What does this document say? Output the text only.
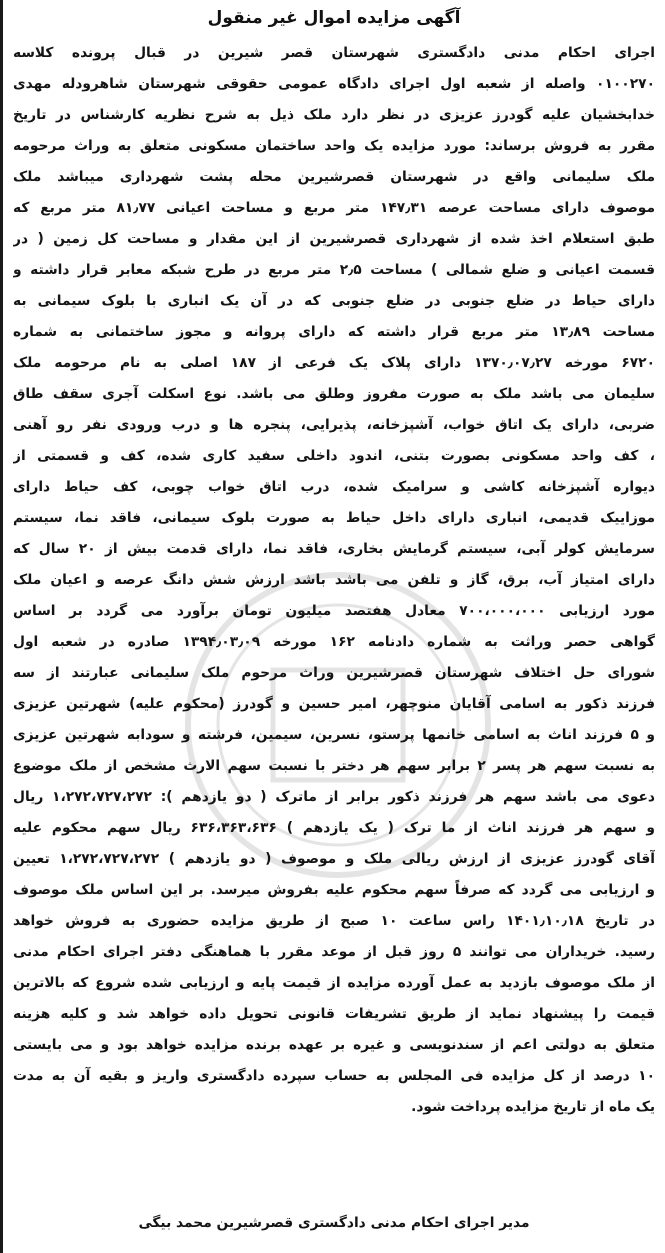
آگهی مزایده اموال غیر منقول
اجرای احکام مدنی دادگستری شهرستان قصر شیرین در قبال پرونده کلاسه
۰۱۰۰۲۷۰ واصله از شعبه اول اجرای دادگاه عمومی حقوقی شهرستان شاهرودله مهدی
خدابخشیان علیه گودرز عزیزی در نظر دارد ملک ذیل به شرح نظریه کارشناس در تاریخ
مقرر به فروش برساند: مورد مزایده یک واحد ساختمان مسکونی متعلق به وراث مرحومه
ملک سلیمانی واقع در شهرستان قصرشیرین محله پشت شهرداری میباشد ملک
موصوف دارای مساحت عرصه ۱۴۷٫۳۱ متر مربع و مساحت اعیانی ۸۱٫۷۷ متر مربع که
طبق استعلام اخذ شده از شهرداری قصرشیرین از این مقدار و مساحت کل زمین ( در
قسمت اعیانی و ضلع شمالی ) مساحت ۲٫۵ متر مربع در طرح شبکه معابر قرار داشته و
دارای حیاط در ضلع جنوبی در ضلع جنوبی که در آن یک انباری با بلوک سیمانی به
مساحت ۱۳٫۸۹ متر مربع قرار داشته که دارای پروانه و مجوز ساختمانی به شماره
۶۷۲۰ مورخه ۱۳۷۰٫۰۷٫۲۷ دارای پلاک یک فرعی از ۱۸۷ اصلی به نام مرحومه ملک
سلیمان می باشد ملک به صورت مفروز وطلق می باشد. نوع اسکلت آجری سقف طاق
ضربی، دارای یک اتاق خواب، آشپزخانه، پذیرایی، پنجره ها و درب ورودی نفر رو آهنی
، کف واحد مسکونی بصورت بتنی، اندود داخلی سفید کاری شده، کف و قسمتی از
دیواره آشپزخانه کاشی و سرامیک شده، درب اتاق خواب چوبی، کف حیاط دارای
موزاییک قدیمی، انباری دارای داخل حیاط به صورت بلوک سیمانی، فاقد نما، سیستم
سرمایش کولر آبی، سیستم گرمایش بخاری، فاقد نما، دارای قدمت بیش از ۲۰ سال که
دارای امتیاز آب، برق، گاز و تلفن می باشد باشد ارزش شش دانگ عرصه و اعیان ملک
مورد ارزیابی ۷۰۰،۰۰۰،۰۰۰ معادل هفتصد میلیون تومان برآورد می گردد بر اساس
گواهی حصر وراثت به شماره دادنامه ۱۶۲ مورخه ۱۳۹۴٫۰۳٫۰۹ صادره در شعبه اول
شورای حل اختلاف شهرستان قصرشیرین وراث مرحوم ملک سلیمانی عبارتند از سه
فرزند ذکور به اسامی آقایان منوچهر، امیر حسین و گودرز (محکوم علیه) شهرتین عزیزی
و ۵ فرزند اناث به اسامی خانمها پرستو، نسرین، سیمین، فرشته و سودابه شهرتین عزیزی
به نسبت سهم هر پسر ۲ برابر سهم هر دختر با نسبت سهم الارث مشخص از ملک موضوع
دعوی می باشد سهم هر فرزند ذکور برابر از ماترک ( دو یازدهم ): ۱،۲۷۲،۷۲۷،۲۷۲ ریال
و سهم هر فرزند اناث از ما ترک ( یک یازدهم ) ۶۳۶،۳۶۳،۶۳۶ ریال سهم محکوم علیه
آقای گودرز عزیزی از ارزش ریالی ملک و موصوف ( دو یازدهم ) ۱،۲۷۲،۷۲۷،۲۷۲ تعیین
و ارزیابی می گردد که صرفاً سهم محکوم علیه بفروش میرسد. بر این اساس ملک موصوف
در تاریخ ۱۴۰۱٫۱۰٫۱۸ راس ساعت ۱۰ صبح از طریق مزایده حضوری به فروش خواهد
رسید. خریداران می توانند ۵ روز قبل از موعد مقرر با هماهنگی دفتر اجرای احکام مدنی
از ملک موصوف بازدید به عمل آورده مزایده از قیمت پایه و ارزیابی شده شروع که بالاترین
قیمت را پیشنهاد نماید از طریق تشریفات قانونی تحویل داده خواهد شد و کلیه هزینه
متعلق به دولتی اعم از سندنویسی و غیره بر عهده برنده مزایده خواهد بود و می بایستی
۱۰ درصد از کل مزایده فی المجلس به حساب سپرده دادگستری واریز و بقیه آن به مدت
یک ماه از تاریخ مزایده پرداخت شود.
مدیر اجرای احکام مدنی دادگستری قصرشیرین محمد بیگی
